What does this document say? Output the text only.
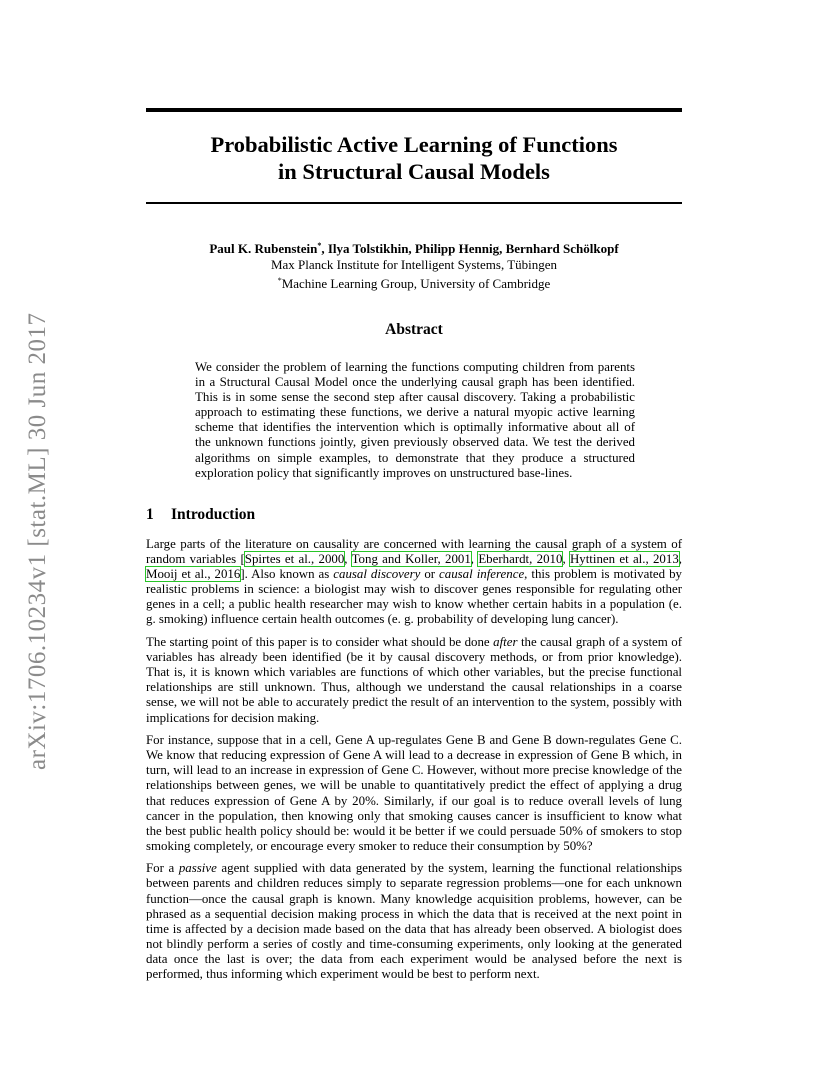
arXiv:1706.10234v1 [stat.ML] 30 Jun 2017
Probabilistic Active Learning of Functions
in Structural Causal Models
Paul K. Rubenstein*, Ilya Tolstikhin, Philipp Hennig, Bernhard Schölkopf
Max Planck Institute for Intelligent Systems, Tübingen
*Machine Learning Group, University of Cambridge
Abstract
We consider the problem of learning the functions computing children from parents in a Structural Causal Model once the underlying causal graph has been identified. This is in some sense the second step after causal discovery. Taking a probabilistic approach to estimating these functions, we derive a natural myopic active learning scheme that identifies the intervention which is optimally informative about all of the unknown functions jointly, given previously observed data. We test the derived algorithms on simple examples, to demonstrate that they produce a structured exploration policy that significantly improves on unstructured base-lines.
1 Introduction

Large parts of the literature on causality are concerned with learning the causal graph of a system of random variables [Spirtes et al., 2000, Tong and Koller, 2001, Eberhardt, 2010, Hyttinen et al., 2013, Mooij et al., 2016]. Also known as causal discovery or causal inference, this problem is motivated by realistic problems in science: a biologist may wish to discover genes responsible for regulating other genes in a cell; a public health researcher may wish to know whether certain habits in a population (e. g. smoking) influence certain health outcomes (e. g. probability of developing lung cancer).

The starting point of this paper is to consider what should be done after the causal graph of a system of variables has already been identified (be it by causal discovery methods, or from prior knowledge). That is, it is known which variables are functions of which other variables, but the precise functional relationships are still unknown. Thus, although we understand the causal relationships in a coarse sense, we will not be able to accurately predict the result of an intervention to the system, possibly with implications for decision making.

For instance, suppose that in a cell, Gene A up-regulates Gene B and Gene B down-regulates Gene C. We know that reducing expression of Gene A will lead to a decrease in expression of Gene B which, in turn, will lead to an increase in expression of Gene C. However, without more precise knowledge of the relationships between genes, we will be unable to quantitatively predict the effect of applying a drug that reduces expression of Gene A by 20%. Similarly, if our goal is to reduce overall levels of lung cancer in the population, then knowing only that smoking causes cancer is insufficient to know what the best public health policy should be: would it be better if we could persuade 50% of smokers to stop smoking completely, or encourage every smoker to reduce their consumption by 50%?

For a passive agent supplied with data generated by the system, learning the functional relationships between parents and children reduces simply to separate regression problems—one for each unknown function—once the causal graph is known. Many knowledge acquisition problems, however, can be phrased as a sequential decision making process in which the data that is received at the next point in time is affected by a decision made based on the data that has already been observed. A biologist does not blindly perform a series of costly and time-consuming experiments, only looking at the generated data once the last is over; the data from each experiment would be analysed before the next is performed, thus informing which experiment would be best to perform next.
